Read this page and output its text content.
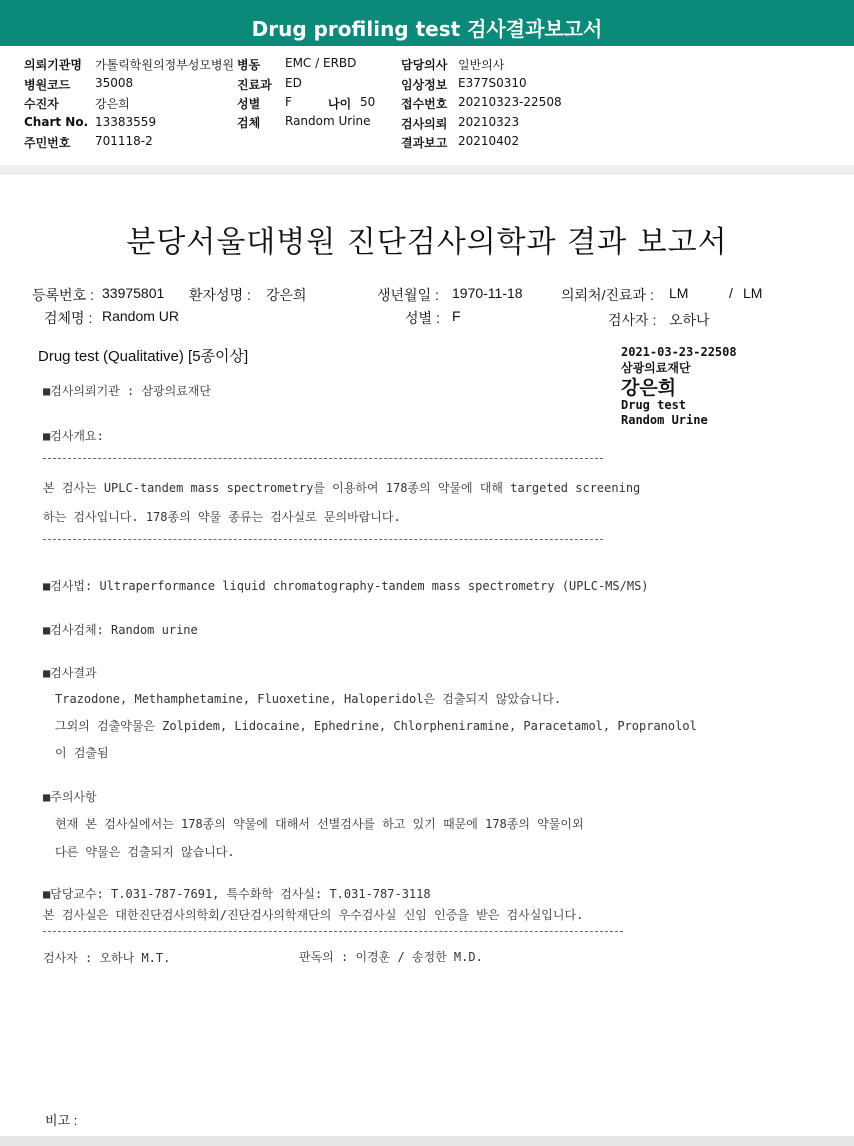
Drug profiling test 검사결과보고서
의뢰기관명 가톨릭학원의정부성모병원 병동 EMC / ERBD	담당의사 일반의사
병원코드 35008	진료과 ED	임상정보 E377S0310
수진자	강은희	성별 F	나이 50 접수번호 20210323-22508
Chart No. 13383559	검체 Random Urine	검사의뢰 20210323
주민번호 701118-2	결과보고 20210402
분당서울대병원 진단검사의학과 결과 보고서
등록번호 : 33975801 환자성명 : 강은희	생년월일 : 1970-11-18	의뢰처/진료과 : LM	/ LM
검체명 : Random UR	성별 : F	검사자 : 오하나
Drug test (Qualitative) [5종이상]	2021-03-23-22508
삼광의료재단
강은희
Drug test
Random Urine
■검사의뢰기관 : 삼광의료재단
■검사개요:
본 검사는 UPLC-tandem mass spectrometry를 이용하여 178종의 약물에 대해 targeted screening
하는 검사입니다. 178종의 약물 종류는 검사실로 문의바랍니다.
■검사법: Ultraperformance liquid chromatography-tandem mass spectrometry (UPLC-MS/MS)
■검사검체: Random urine
■검사결과
Trazodone, Methamphetamine, Fluoxetine, Haloperidol은 검출되지 않았습니다.
그외의 검출약물은 Zolpidem, Lidocaine, Ephedrine, Chlorpheniramine, Paracetamol, Propranolol
이 검출됨
■주의사항
현재 본 검사실에서는 178종의 약물에 대해서 선별검사를 하고 있기 때문에 178종의 약물이외
다른 약물은 검출되지 않습니다.
■담당교수: T.031-787-7691, 특수화학 검사실: T.031-787-3118
본 검사실은 대한진단검사의학회/진단검사의학재단의 우수검사실 신임 인증을 받은 검사실입니다.
검사자 : 오하나 M.T.	판독의 : 이경훈 / 송정한 M.D.
비고 :
